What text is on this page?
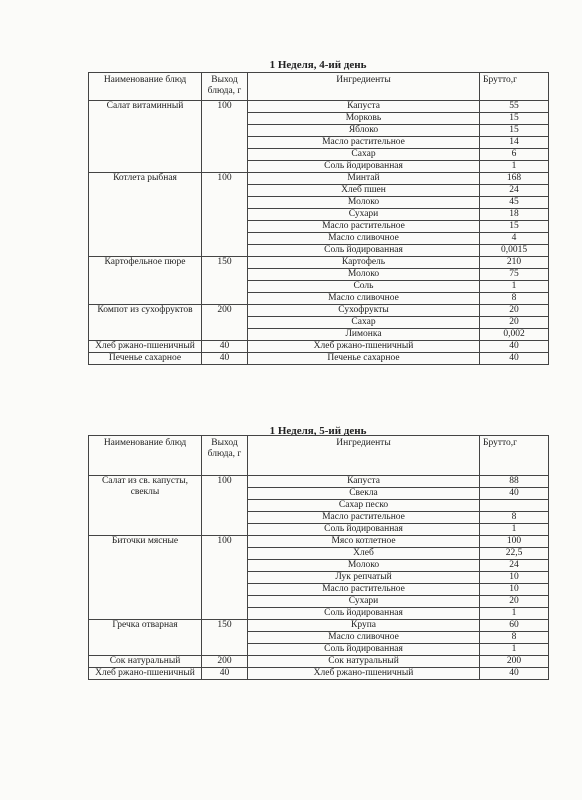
1 Неделя, 4-ий день
Наименование блюд	Выход блюда, г	Ингредиенты	Брутто,г
Салат витаминный	100	Капуста	55
		Морковь	15
		Яблоко	15
		Масло растительное	14
		Сахар	6
		Соль йодированная	1
Котлета рыбная	100	Минтай	168
		Хлеб пшен	24
		Молоко	45
		Сухари	18
		Масло растительное	15
		Масло сливочное	4
		Соль йодированная	0,0015
Картофельное пюре	150	Картофель	210
		Молоко	75
		Соль	1
		Масло сливочное	8
Компот из сухофруктов	200	Сухофрукты	20
		Сахар	20
		Лимонка	0,002
Хлеб ржано-пшеничный	40	Хлеб ржано-пшеничный	40
Печенье сахарное	40	Печенье сахарное	40
1 Неделя, 5-ий день
Наименование блюд	Выход блюда, г	Ингредиенты	Брутто,г
Салат из св. капусты, свеклы	100	Капуста	88
		Свекла	40
		Сахар песко	
		Масло растительное	8
		Соль йодированная	1
Биточки мясные	100	Мясо котлетное	100
		Хлеб	22,5
		Молоко	24
		Лук репчатый	10
		Масло растительное	10
		Сухари	20
		Соль йодированная	1
Гречка отварная	150	Крупа	60
		Масло сливочное	8
		Соль йодированная	1
Сок натуральный	200	Сок натуральный	200
Хлеб ржано-пшеничный	40	Хлеб ржано-пшеничный	40
